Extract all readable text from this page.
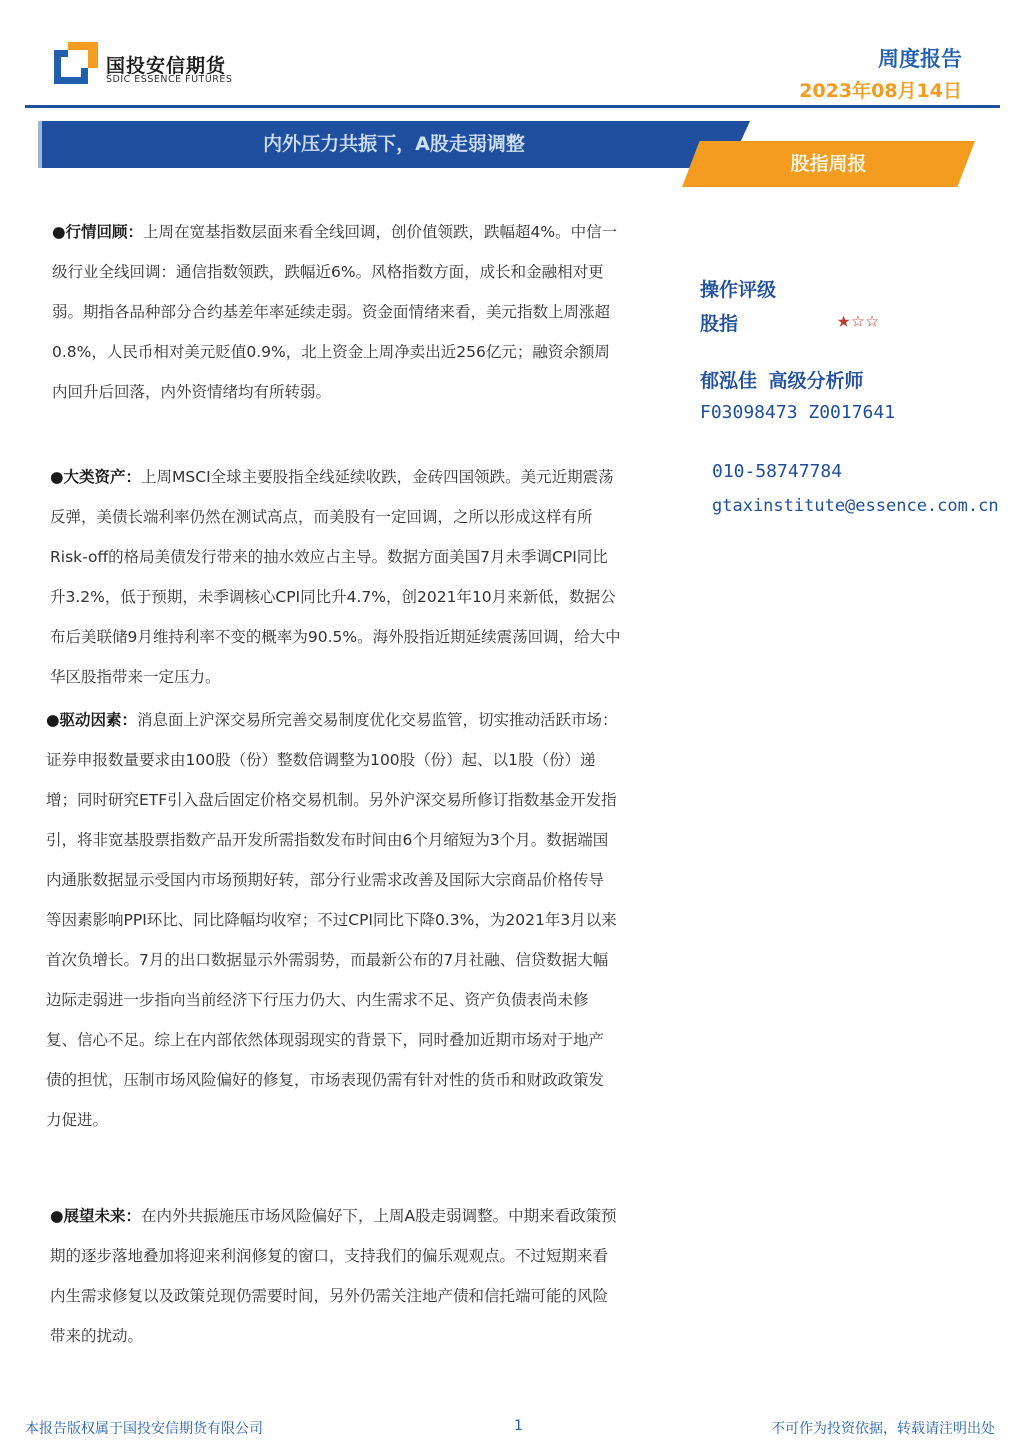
国投安信期货
SDIC ESSENCE FUTURES
周度报告
2023年08月14日
内外压力共振下，A股走弱调整
股指周报
●行情回顾：上周在宽基指数层面来看全线回调，创价值领跌，跌幅超4%。中信一级行业全线回调：通信指数领跌，跌幅近6%。风格指数方面，成长和金融相对更弱。期指各品种部分合约基差年率延续走弱。资金面情绪来看，美元指数上周涨超0.8%，人民币相对美元贬值0.9%，北上资金上周净卖出近256亿元；融资余额周内回升后回落，内外资情绪均有所转弱。
●大类资产：上周MSCI全球主要股指全线延续收跌，金砖四国领跌。美元近期震荡反弹，美债长端利率仍然在测试高点，而美股有一定回调，之所以形成这样有所Risk-off的格局美债发行带来的抽水效应占主导。数据方面美国7月未季调CPI同比升3.2%，低于预期，未季调核心CPI同比升4.7%，创2021年10月来新低，数据公布后美联储9月维持利率不变的概率为90.5%。海外股指近期延续震荡回调，给大中华区股指带来一定压力。
●驱动因素：消息面上沪深交易所完善交易制度优化交易监管，切实推动活跃市场：证券申报数量要求由100股（份）整数倍调整为100股（份）起、以1股（份）递增；同时研究ETF引入盘后固定价格交易机制。另外沪深交易所修订指数基金开发指引，将非宽基股票指数产品开发所需指数发布时间由6个月缩短为3个月。数据端国内通胀数据显示受国内市场预期好转，部分行业需求改善及国际大宗商品价格传导等因素影响PPI环比、同比降幅均收窄；不过CPI同比下降0.3%，为2021年3月以来首次负增长。7月的出口数据显示外需弱势，而最新公布的7月社融、信贷数据大幅边际走弱进一步指向当前经济下行压力仍大、内生需求不足、资产负债表尚未修复、信心不足。综上在内部依然体现弱现实的背景下，同时叠加近期市场对于地产债的担忧，压制市场风险偏好的修复，市场表现仍需有针对性的货币和财政政策发力促进。
●展望未来：在内外共振施压市场风险偏好下，上周A股走弱调整。中期来看政策预期的逐步落地叠加将迎来利润修复的窗口，支持我们的偏乐观观点。不过短期来看内生需求修复以及政策兑现仍需要时间，另外仍需关注地产债和信托端可能的风险带来的扰动。
操作评级
股指	★☆☆
郁泓佳 高级分析师
F03098473 Z0017641
010-58747784
gtaxinstitute@essence.com.cn
本报告版权属于国投安信期货有限公司	1	不可作为投资依据，转载请注明出处
